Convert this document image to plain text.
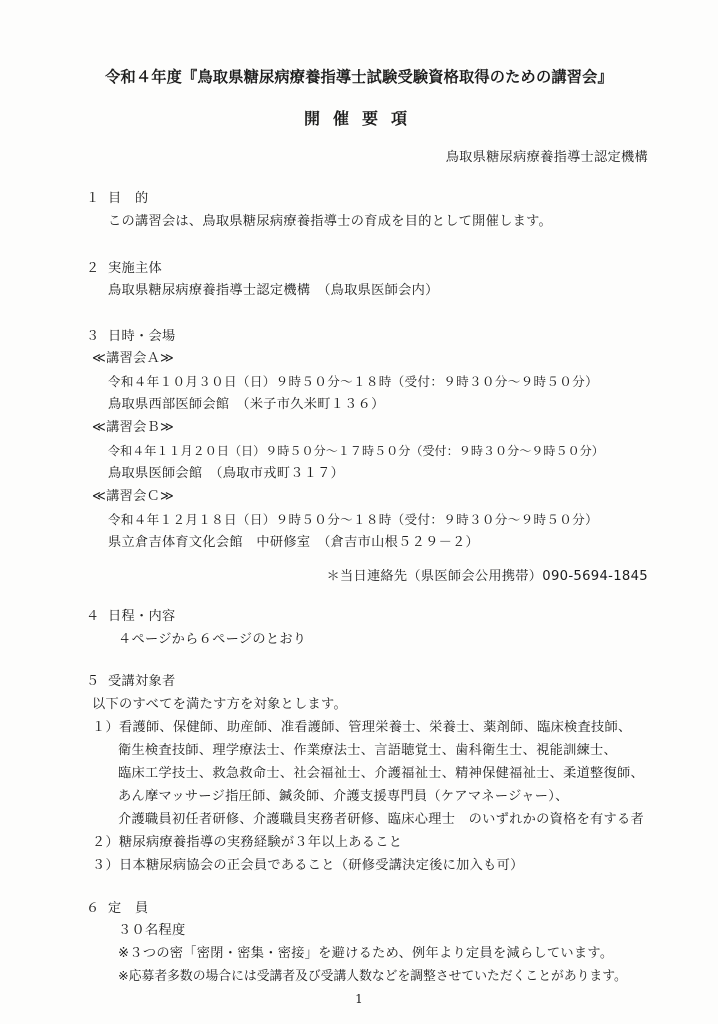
令和４年度『鳥取県糖尿病療養指導士試験受験資格取得のための講習会』
開催要項
鳥取県糖尿病療養指導士認定機構
１ 目　的
この講習会は、鳥取県糖尿病療養指導士の育成を目的として開催します。
２ 実施主体
鳥取県糖尿病療養指導士認定機構　（鳥取県医師会内）
３ 日時・会場
≪講習会Ａ≫
令和４年１０月３０日（日）９時５０分〜１８時（受付：９時３０分〜９時５０分）
鳥取県西部医師会館　（米子市久米町１３６）
≪講習会Ｂ≫
令和４年１１月２０日（日）９時５０分〜１７時５０分（受付：９時３０分〜９時５０分）
鳥取県医師会館　（鳥取市戎町３１７）
≪講習会Ｃ≫
令和４年１２月１８日（日）９時５０分〜１８時（受付：９時３０分〜９時５０分）
県立倉吉体育文化会館　中研修室　（倉吉市山根５２９－２）
＊当日連絡先（県医師会公用携帯）090-5694-1845
４ 日程・内容
４ページから６ページのとおり
５ 受講対象者
以下のすべてを満たす方を対象とします。
１）看護師、保健師、助産師、准看護師、管理栄養士、栄養士、薬剤師、臨床検査技師、
衛生検査技師、理学療法士、作業療法士、言語聴覚士、歯科衛生士、視能訓練士、
臨床工学技士、救急救命士、社会福祉士、介護福祉士、精神保健福祉士、柔道整復師、
あん摩マッサージ指圧師、鍼灸師、介護支援専門員（ケアマネージャー）、
介護職員初任者研修、介護職員実務者研修、臨床心理士　のいずれかの資格を有する者
２）糖尿病療養指導の実務経験が３年以上あること
３）日本糖尿病協会の正会員であること（研修受講決定後に加入も可）
６ 定　員
３０名程度
※３つの密「密閉・密集・密接」を避けるため、例年より定員を減らしています。
※応募者多数の場合には受講者及び受講人数などを調整させていただくことがあります。
1
